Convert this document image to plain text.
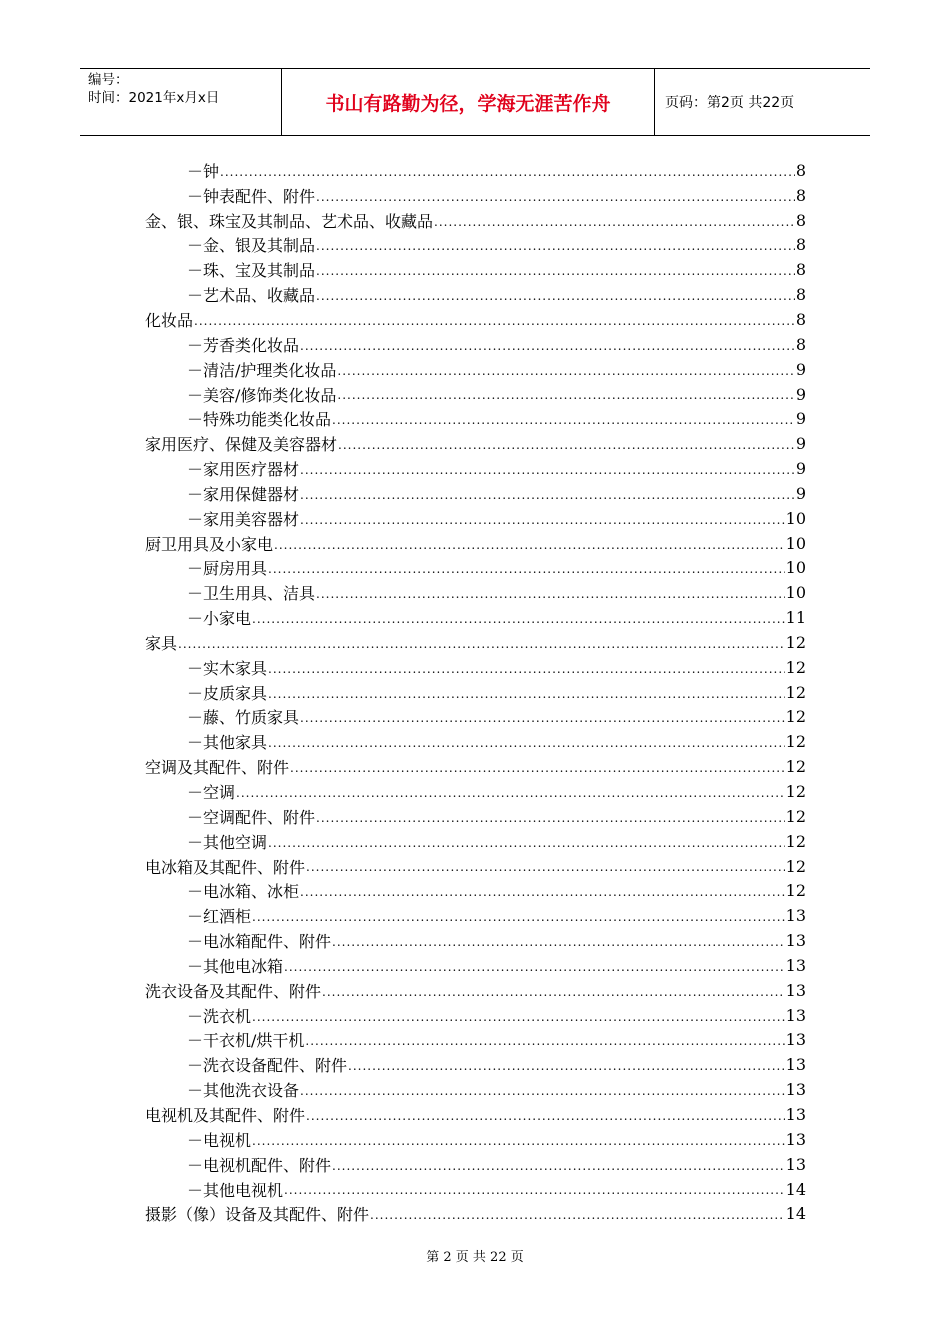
编号：
时间：2021年x月x日	书山有路勤为径，学海无涯苦作舟	页码：第2页 共22页
－钟 .....	8
－钟表配件、附件 .....	8
金、银、珠宝及其制品、艺术品、收藏品 .....	8
－金、银及其制品 .....	8
－珠、宝及其制品 .....	8
－艺术品、收藏品 .....	8
化妆品 .....	8
－芳香类化妆品 .....	8
－清洁/护理类化妆品 .....	9
－美容/修饰类化妆品 .....	9
－特殊功能类化妆品 .....	9
家用医疗、保健及美容器材 .....	9
－家用医疗器材 .....	9
－家用保健器材 .....	9
－家用美容器材 .....	10
厨卫用具及小家电 .....	10
－厨房用具 .....	10
－卫生用具、洁具 .....	10
－小家电 .....	11
家具 .....	12
－实木家具 .....	12
－皮质家具 .....	12
－藤、竹质家具 .....	12
－其他家具 .....	12
空调及其配件、附件 .....	12
－空调 .....	12
－空调配件、附件 .....	12
－其他空调 .....	12
电冰箱及其配件、附件 .....	12
－电冰箱、冰柜 .....	12
－红酒柜 .....	13
－电冰箱配件、附件 .....	13
－其他电冰箱 .....	13
洗衣设备及其配件、附件 .....	13
－洗衣机 .....	13
－干衣机/烘干机 .....	13
－洗衣设备配件、附件 .....	13
－其他洗衣设备 .....	13
电视机及其配件、附件 .....	13
－电视机 .....	13
－电视机配件、附件 .....	13
－其他电视机 .....	14
摄影（像）设备及其配件、附件 .....	14
第 2 页 共 22 页
